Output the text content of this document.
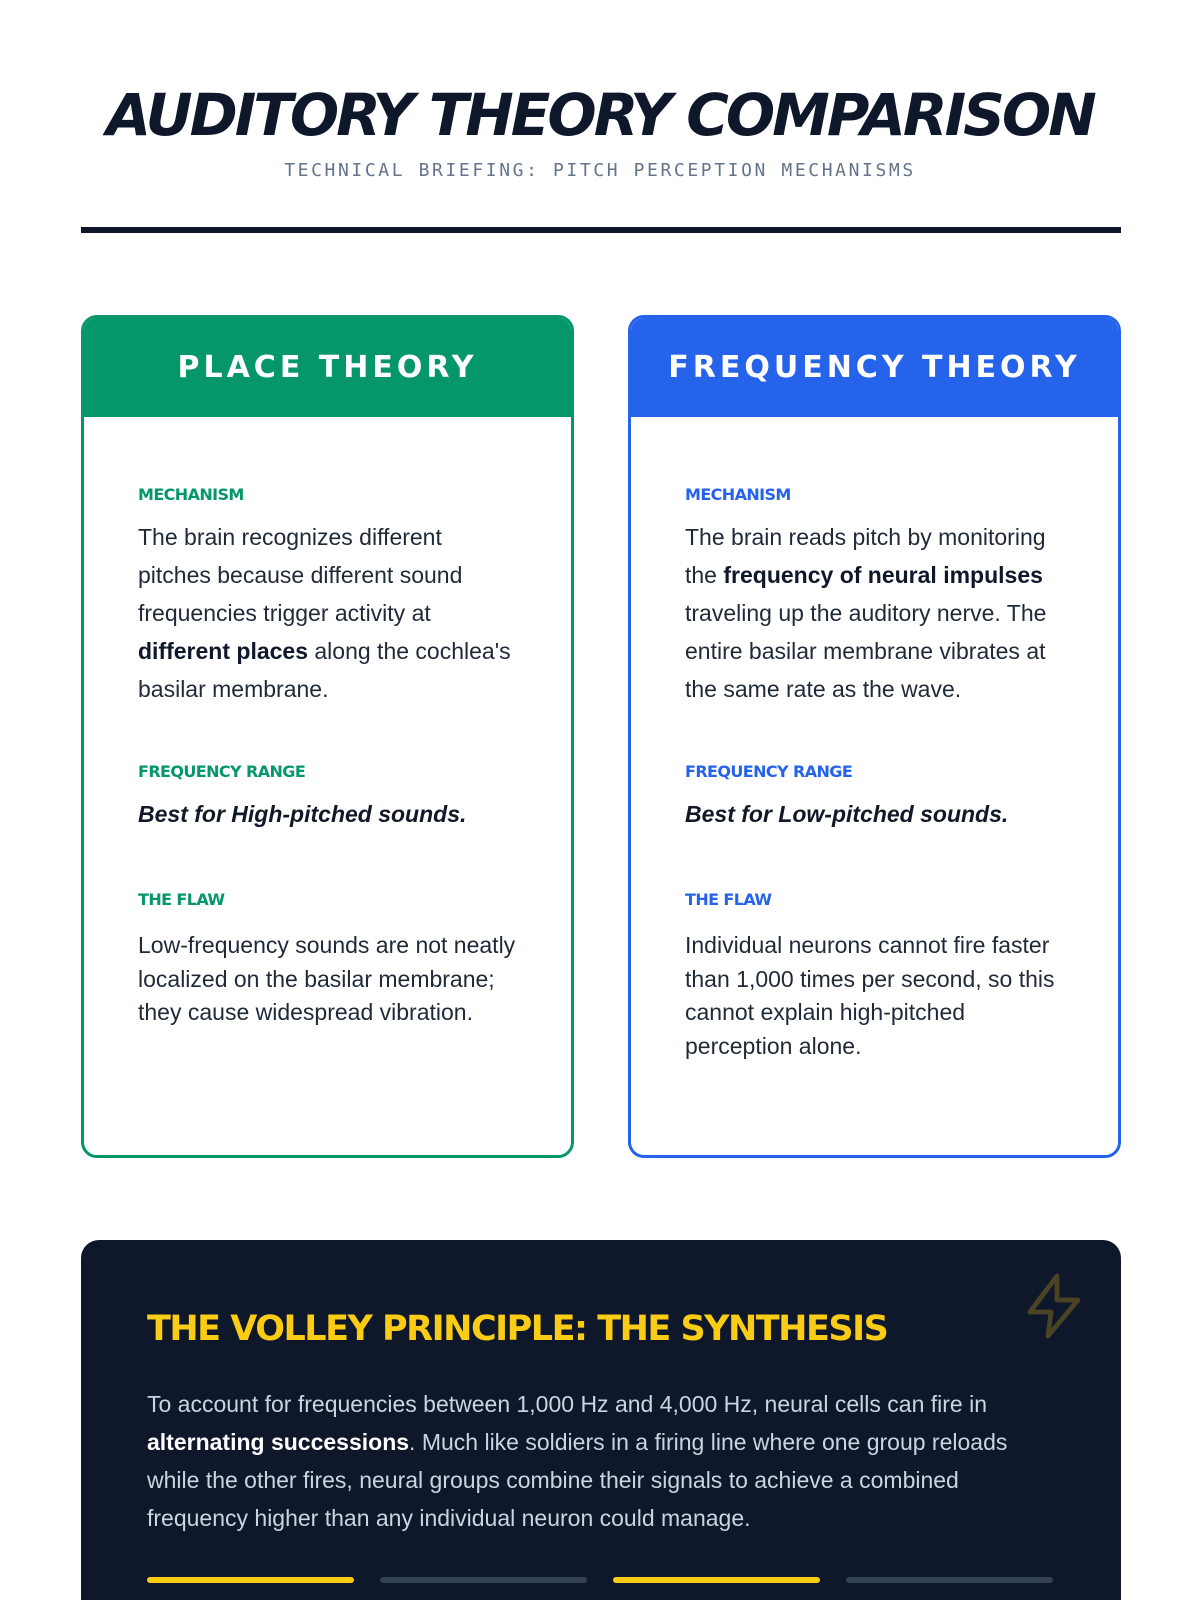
AUDITORY THEORY COMPARISON
TECHNICAL BRIEFING: PITCH PERCEPTION MECHANISMS
PLACE THEORY
MECHANISM

The brain recognizes different pitches because different sound frequencies trigger activity at different places along the cochlea's basilar membrane.

FREQUENCY RANGE

Best for High-pitched sounds.

THE FLAW

Low-frequency sounds are not neatly localized on the basilar membrane; they cause widespread vibration.

FREQUENCY THEORY
MECHANISM

The brain reads pitch by monitoring the frequency of neural impulses traveling up the auditory nerve. The entire basilar membrane vibrates at the same rate as the wave.

FREQUENCY RANGE

Best for Low-pitched sounds.

THE FLAW

Individual neurons cannot fire faster than 1,000 times per second, so this cannot explain high-pitched perception alone.

THE VOLLEY PRINCIPLE: THE SYNTHESIS

To account for frequencies between 1,000 Hz and 4,000 Hz, neural cells can fire in alternating successions. Much like soldiers in a firing line where one group reloads while the other fires, neural groups combine their signals to achieve a combined frequency higher than any individual neuron could manage.
